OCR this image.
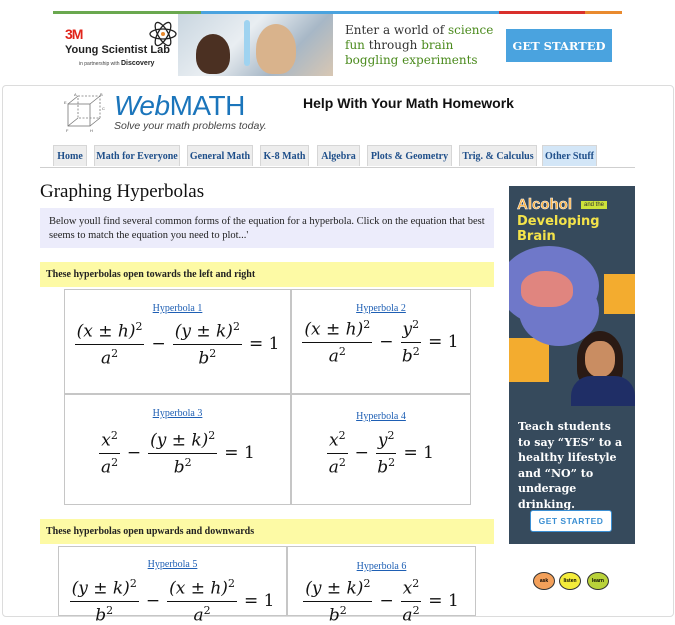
3M
Young Scientist Lab
in partnership with Discovery
Enter a world of science
fun through brain
boggling experiments
GET STARTED
A	B
E
C
F	H
WebMATH
Solve your math problems today.
Help With Your Math Homework
Home	Math for Everyone General Math	K-8 Math	Algebra	Plots & Geometry	Trig. & Calculus	Other Stuff
Graphing Hyperbolas
Below youll find several common forms of the equation for a hyperbola. Click on the equation that best seems to match the equation you need to plot...'
These hyperbolas open towards the left and right
Hyperbola 1
$\frac{(x \pm h)^2}{a^2} - \frac{(y \pm k)^2}{b^2} = 1$
Hyperbola 2
$\frac{(x \pm h)^2}{a^2} - \frac{y^2}{b^2} = 1$
Hyperbola 3
$\frac{x^2}{a^2} - \frac{(y \pm k)^2}{b^2} = 1$
Hyperbola 4
$\frac{x^2}{a^2} - \frac{y^2}{b^2} = 1$
These hyperbolas open upwards and downwards
Hyperbola 5
$\frac{(y \pm k)^2}{b^2} - \frac{(x \pm h)^2}{a^2} = 1$
Hyperbola 6
$\frac{(y \pm k)^2}{b^2} - \frac{x^2}{a^2} = 1$
Alcohol	and the
Developing Brain
Teach students
to say “YES” to a
healthy lifestyle
and “NO” to
underage drinking.
GET STARTED
ask	listen	learn
